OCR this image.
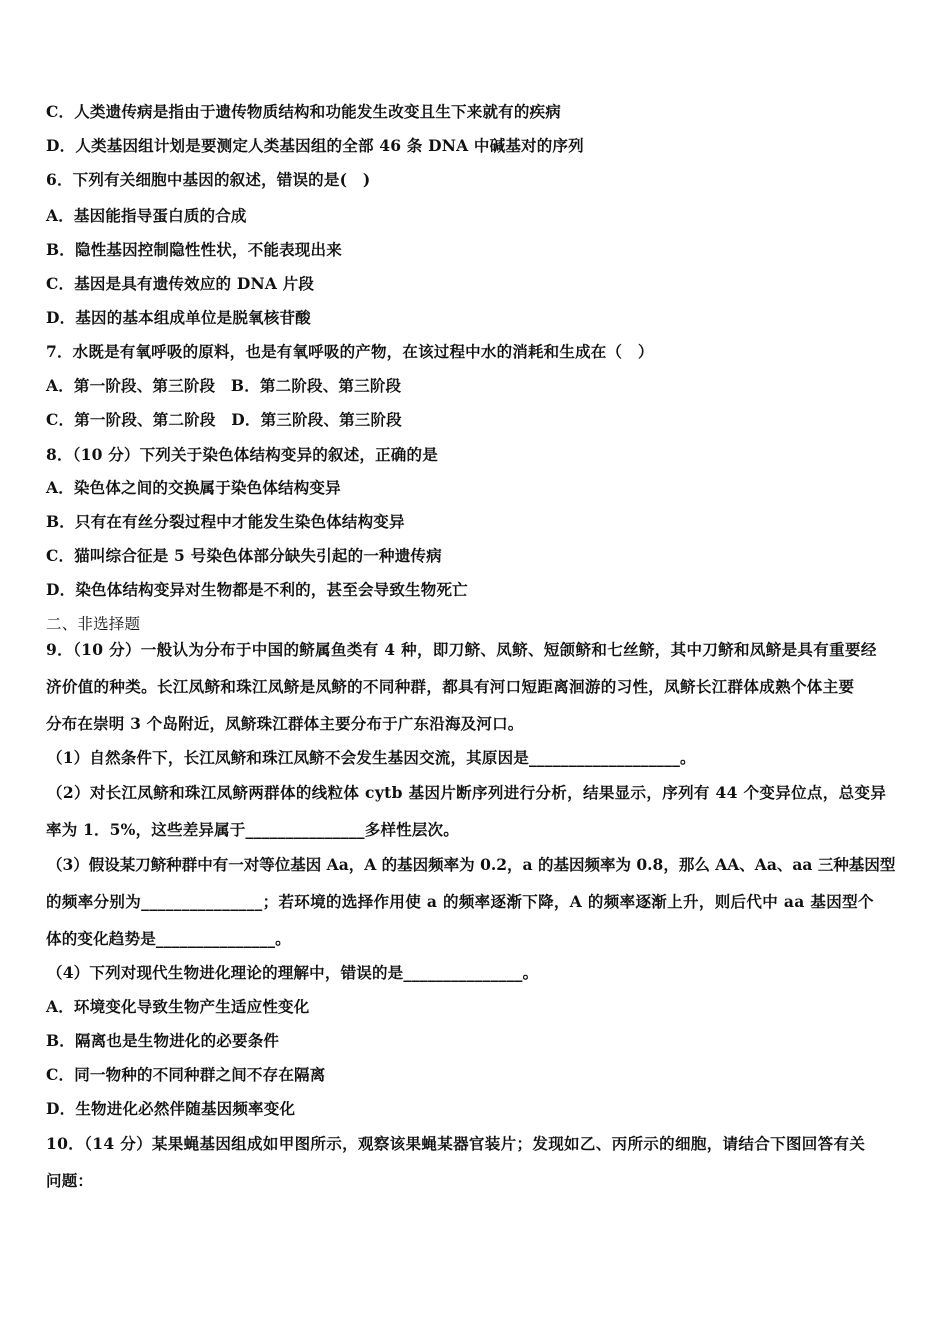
C．人类遗传病是指由于遗传物质结构和功能发生改变且生下来就有的疾病
D．人类基因组计划是要测定人类基因组的全部 46 条 DNA 中碱基对的序列
6．下列有关细胞中基因的叙述，错误的是(　)
A．基因能指导蛋白质的合成
B．隐性基因控制隐性性状，不能表现出来
C．基因是具有遗传效应的 DNA 片段
D．基因的基本组成单位是脱氧核苷酸
7．水既是有氧呼吸的原料，也是有氧呼吸的产物，在该过程中水的消耗和生成在（　）
A．第一阶段、第三阶段　B．第二阶段、第三阶段
C．第一阶段、第二阶段　D．第三阶段、第三阶段
8．（10 分）下列关于染色体结构变异的叙述，正确的是
A．染色体之间的交换属于染色体结构变异
B．只有在有丝分裂过程中才能发生染色体结构变异
C．猫叫综合征是 5 号染色体部分缺失引起的一种遗传病
D．染色体结构变异对生物都是不利的，甚至会导致生物死亡
二、非选择题
9．（10 分）一般认为分布于中国的鲚属鱼类有 4 种，即刀鲚、凤鲚、短颌鲚和七丝鲚，其中刀鲚和凤鲚是具有重要经
济价值的种类。长江凤鲚和珠江凤鲚是凤鲚的不同种群，都具有河口短距离洄游的习性，凤鲚长江群体成熟个体主要
分布在崇明 3 个岛附近，凤鲚珠江群体主要分布于广东沿海及河口。
（1）自然条件下，长江凤鲚和珠江凤鲚不会发生基因交流，其原因是___________________。
（2）对长江凤鲚和珠江凤鲚两群体的线粒体 cytb 基因片断序列进行分析，结果显示，序列有 44 个变异位点，总变异
率为 1．5%，这些差异属于_______________多样性层次。
（3）假设某刀鲚种群中有一对等位基因 Aa，A 的基因频率为 0.2，a 的基因频率为 0.8，那么 AA、Aa、aa 三种基因型
的频率分别为_______________；若环境的选择作用使 a 的频率逐渐下降，A 的频率逐渐上升，则后代中 aa 基因型个
体的变化趋势是_______________。
（4）下列对现代生物进化理论的理解中，错误的是_______________。
A．环境变化导致生物产生适应性变化
B．隔离也是生物进化的必要条件
C．同一物种的不同种群之间不存在隔离
D．生物进化必然伴随基因频率变化
10．（14 分）某果蝇基因组成如甲图所示，观察该果蝇某器官装片；发现如乙、丙所示的细胞，请结合下图回答有关
问题：
